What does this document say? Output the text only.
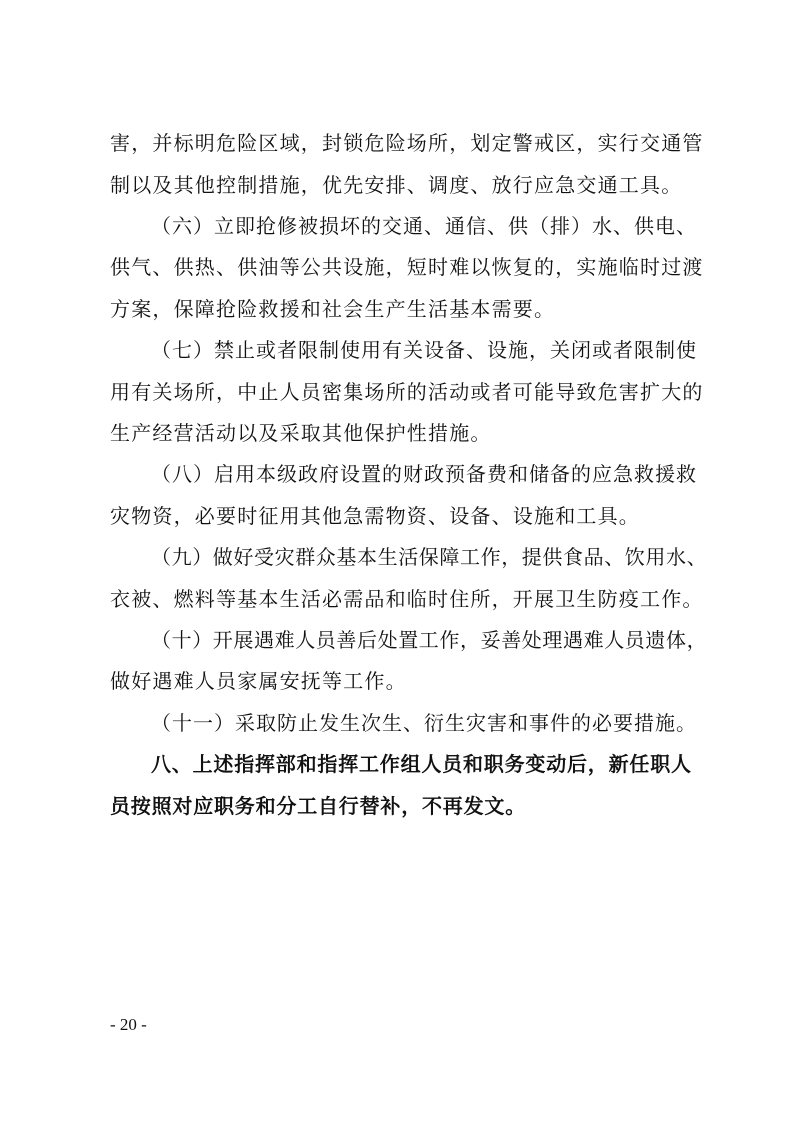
害，并标明危险区域，封锁危险场所，划定警戒区，实行交通管
制以及其他控制措施，优先安排、调度、放行应急交通工具。
（六）立即抢修被损坏的交通、通信、供（排）水、供电、
供气、供热、供油等公共设施，短时难以恢复的，实施临时过渡
方案，保障抢险救援和社会生产生活基本需要。
（七）禁止或者限制使用有关设备、设施，关闭或者限制使
用有关场所，中止人员密集场所的活动或者可能导致危害扩大的
生产经营活动以及采取其他保护性措施。
（八）启用本级政府设置的财政预备费和储备的应急救援救
灾物资，必要时征用其他急需物资、设备、设施和工具。
（九）做好受灾群众基本生活保障工作，提供食品、饮用水、
衣被、燃料等基本生活必需品和临时住所，开展卫生防疫工作。
（十）开展遇难人员善后处置工作，妥善处理遇难人员遗体，
做好遇难人员家属安抚等工作。
（十一）采取防止发生次生、衍生灾害和事件的必要措施。
八、上述指挥部和指挥工作组人员和职务变动后，新任职人
员按照对应职务和分工自行替补，不再发文。
- 20 -
